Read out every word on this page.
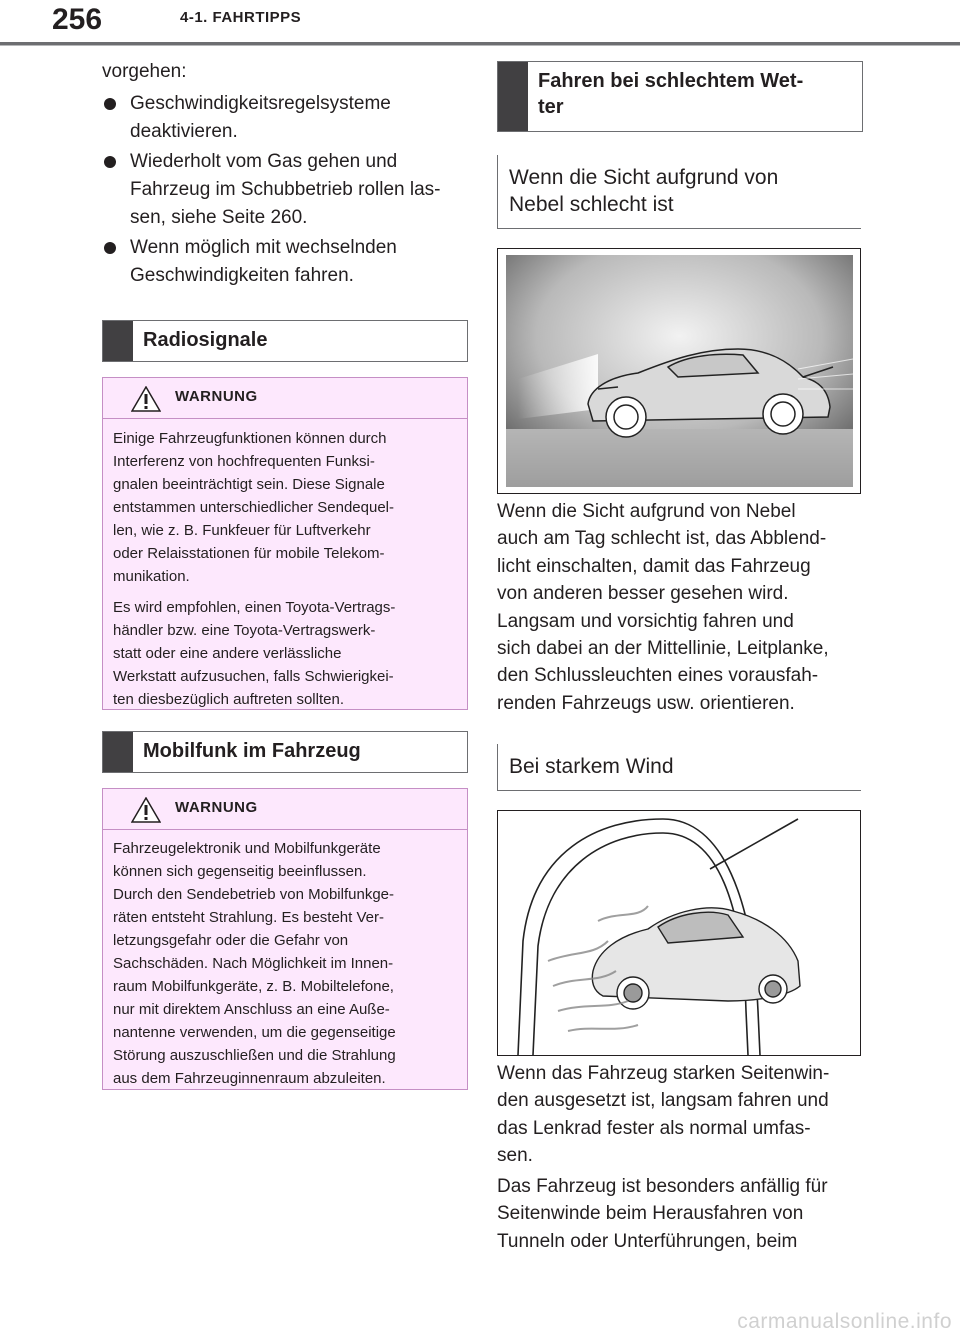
256	4-1. FAHRTIPPS
vorgehen:
Geschwindigkeitsregelsysteme
deaktivieren.
Wiederholt vom Gas gehen und
Fahrzeug im Schubbetrieb rollen las-
sen, siehe Seite 260.
Wenn möglich mit wechselnden
Geschwindigkeiten fahren.
Radiosignale
WARNUNG

Einige Fahrzeugfunktionen können durch
Interferenz von hochfrequenten Funksi-
gnalen beeinträchtigt sein. Diese Signale
entstammen unterschiedlicher Sendequel-
len, wie z. B. Funkfeuer für Luftverkehr
oder Relaisstationen für mobile Telekom-
munikation.

Es wird empfohlen, einen Toyota-Vertrags-
händler bzw. eine Toyota-Vertragswerk-
statt oder eine andere verlässliche
Werkstatt aufzusuchen, falls Schwierigkei-
ten diesbezüglich auftreten sollten.

Mobilfunk im Fahrzeug
WARNUNG

Fahrzeugelektronik und Mobilfunkgeräte
können sich gegenseitig beeinflussen.
Durch den Sendebetrieb von Mobilfunkge-
räten entsteht Strahlung. Es besteht Ver-
letzungsgefahr oder die Gefahr von
Sachschäden. Nach Möglichkeit im Innen-
raum Mobilfunkgeräte, z. B. Mobiltelefone,
nur mit direktem Anschluss an eine Auße-
nantenne verwenden, um die gegenseitige
Störung auszuschließen und die Strahlung
aus dem Fahrzeuginnenraum abzuleiten.

Fahren bei schlechtem Wet-
ter
Wenn die Sicht aufgrund von
Nebel schlecht ist
Wenn die Sicht aufgrund von Nebel
auch am Tag schlecht ist, das Abblend-
licht einschalten, damit das Fahrzeug
von anderen besser gesehen wird.
Langsam und vorsichtig fahren und
sich dabei an der Mittellinie, Leitplanke,
den Schlussleuchten eines vorausfah-
renden Fahrzeugs usw. orientieren.
Bei starkem Wind
Wenn das Fahrzeug starken Seitenwin-
den ausgesetzt ist, langsam fahren und
das Lenkrad fester als normal umfas-
sen.
Das Fahrzeug ist besonders anfällig für
Seitenwinde beim Herausfahren von
Tunneln oder Unterführungen, beim
carmanualsonline.info
